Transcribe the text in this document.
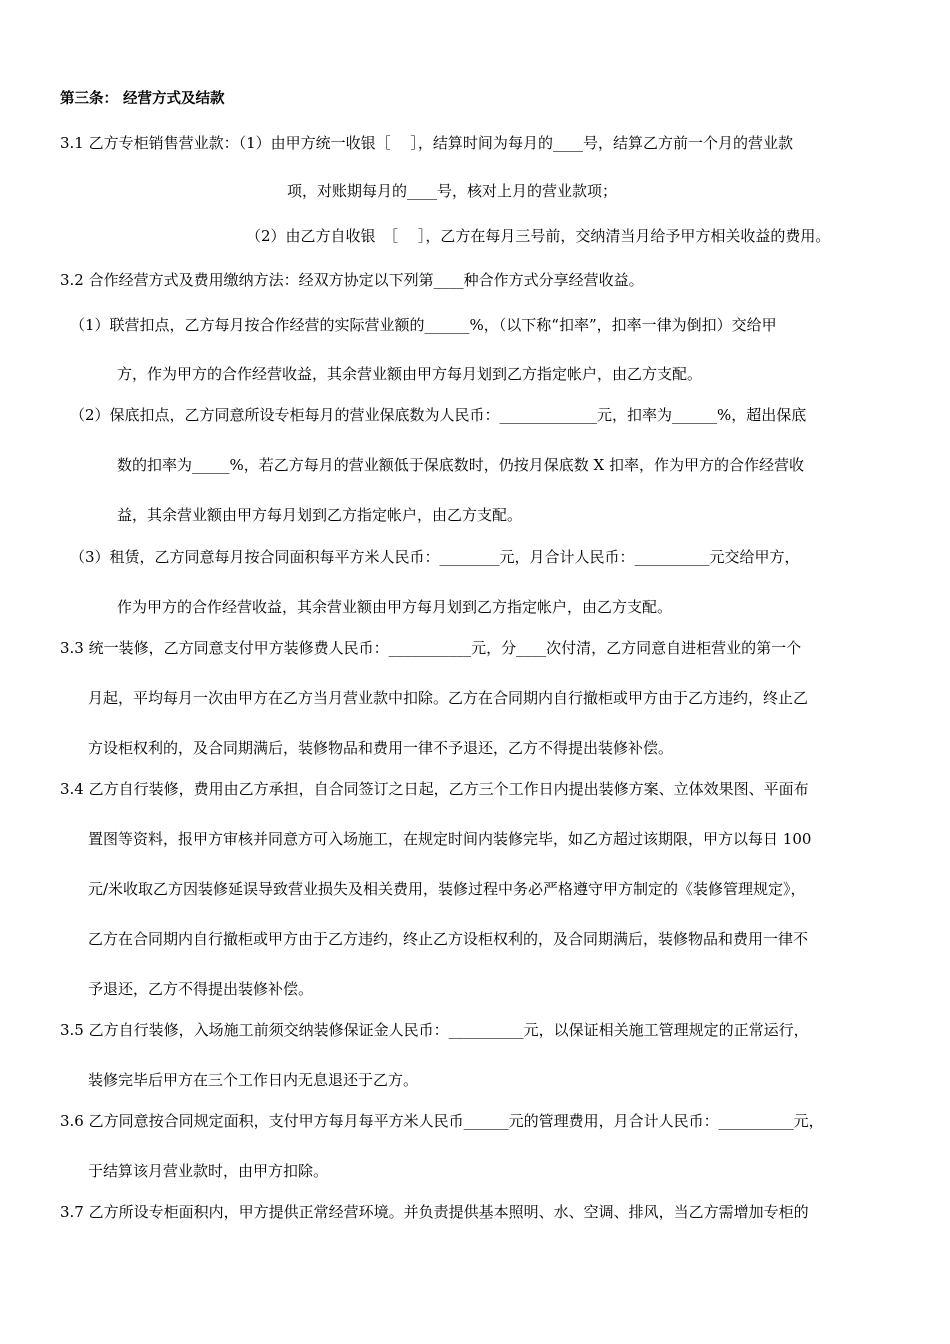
第三条： 经营方式及结款
3.1 乙方专柜销售营业款：（1）由甲方统一收银［　 ］，结算时间为每月的____号，结算乙方前一个月的营业款
项，对账期每月的____号，核对上月的营业款项；
（2）由乙方自收银　［　 ］，乙方在每月三号前，交纳清当月给予甲方相关收益的费用。
3.2 合作经营方式及费用缴纳方法：经双方协定以下列第____种合作方式分享经营收益。
（1）联营扣点，乙方每月按合作经营的实际营业额的______%，（以下称“扣率”，扣率一律为倒扣）交给甲
方，作为甲方的合作经营收益，其余营业额由甲方每月划到乙方指定帐户，由乙方支配。
（2）保底扣点，乙方同意所设专柜每月的营业保底数为人民币：_____________元，扣率为______%，超出保底
数的扣率为_____%，若乙方每月的营业额低于保底数时，仍按月保底数 X 扣率，作为甲方的合作经营收
益，其余营业额由甲方每月划到乙方指定帐户，由乙方支配。
（3）租赁，乙方同意每月按合同面积每平方米人民币：________元，月合计人民币：__________元交给甲方，
作为甲方的合作经营收益，其余营业额由甲方每月划到乙方指定帐户，由乙方支配。
3.3 统一装修，乙方同意支付甲方装修费人民币：___________元，分____次付清，乙方同意自进柜营业的第一个
月起，平均每月一次由甲方在乙方当月营业款中扣除。乙方在合同期内自行撤柜或甲方由于乙方违约，终止乙
方设柜权利的，及合同期满后，装修物品和费用一律不予退还，乙方不得提出装修补偿。
3.4 乙方自行装修，费用由乙方承担，自合同签订之日起，乙方三个工作日内提出装修方案、立体效果图、平面布
置图等资料，报甲方审核并同意方可入场施工，在规定时间内装修完毕，如乙方超过该期限，甲方以每日 100
元/米收取乙方因装修延误导致营业损失及相关费用，装修过程中务必严格遵守甲方制定的《装修管理规定》，
乙方在合同期内自行撤柜或甲方由于乙方违约，终止乙方设柜权利的，及合同期满后，装修物品和费用一律不
予退还，乙方不得提出装修补偿。
3.5 乙方自行装修，入场施工前须交纳装修保证金人民币：__________元，以保证相关施工管理规定的正常运行，
装修完毕后甲方在三个工作日内无息退还于乙方。
3.6 乙方同意按合同规定面积，支付甲方每月每平方米人民币______元的管理费用，月合计人民币：__________元，
于结算该月营业款时，由甲方扣除。
3.7 乙方所设专柜面积内，甲方提供正常经营环境。并负责提供基本照明、水、空调、排风，当乙方需增加专柜的
